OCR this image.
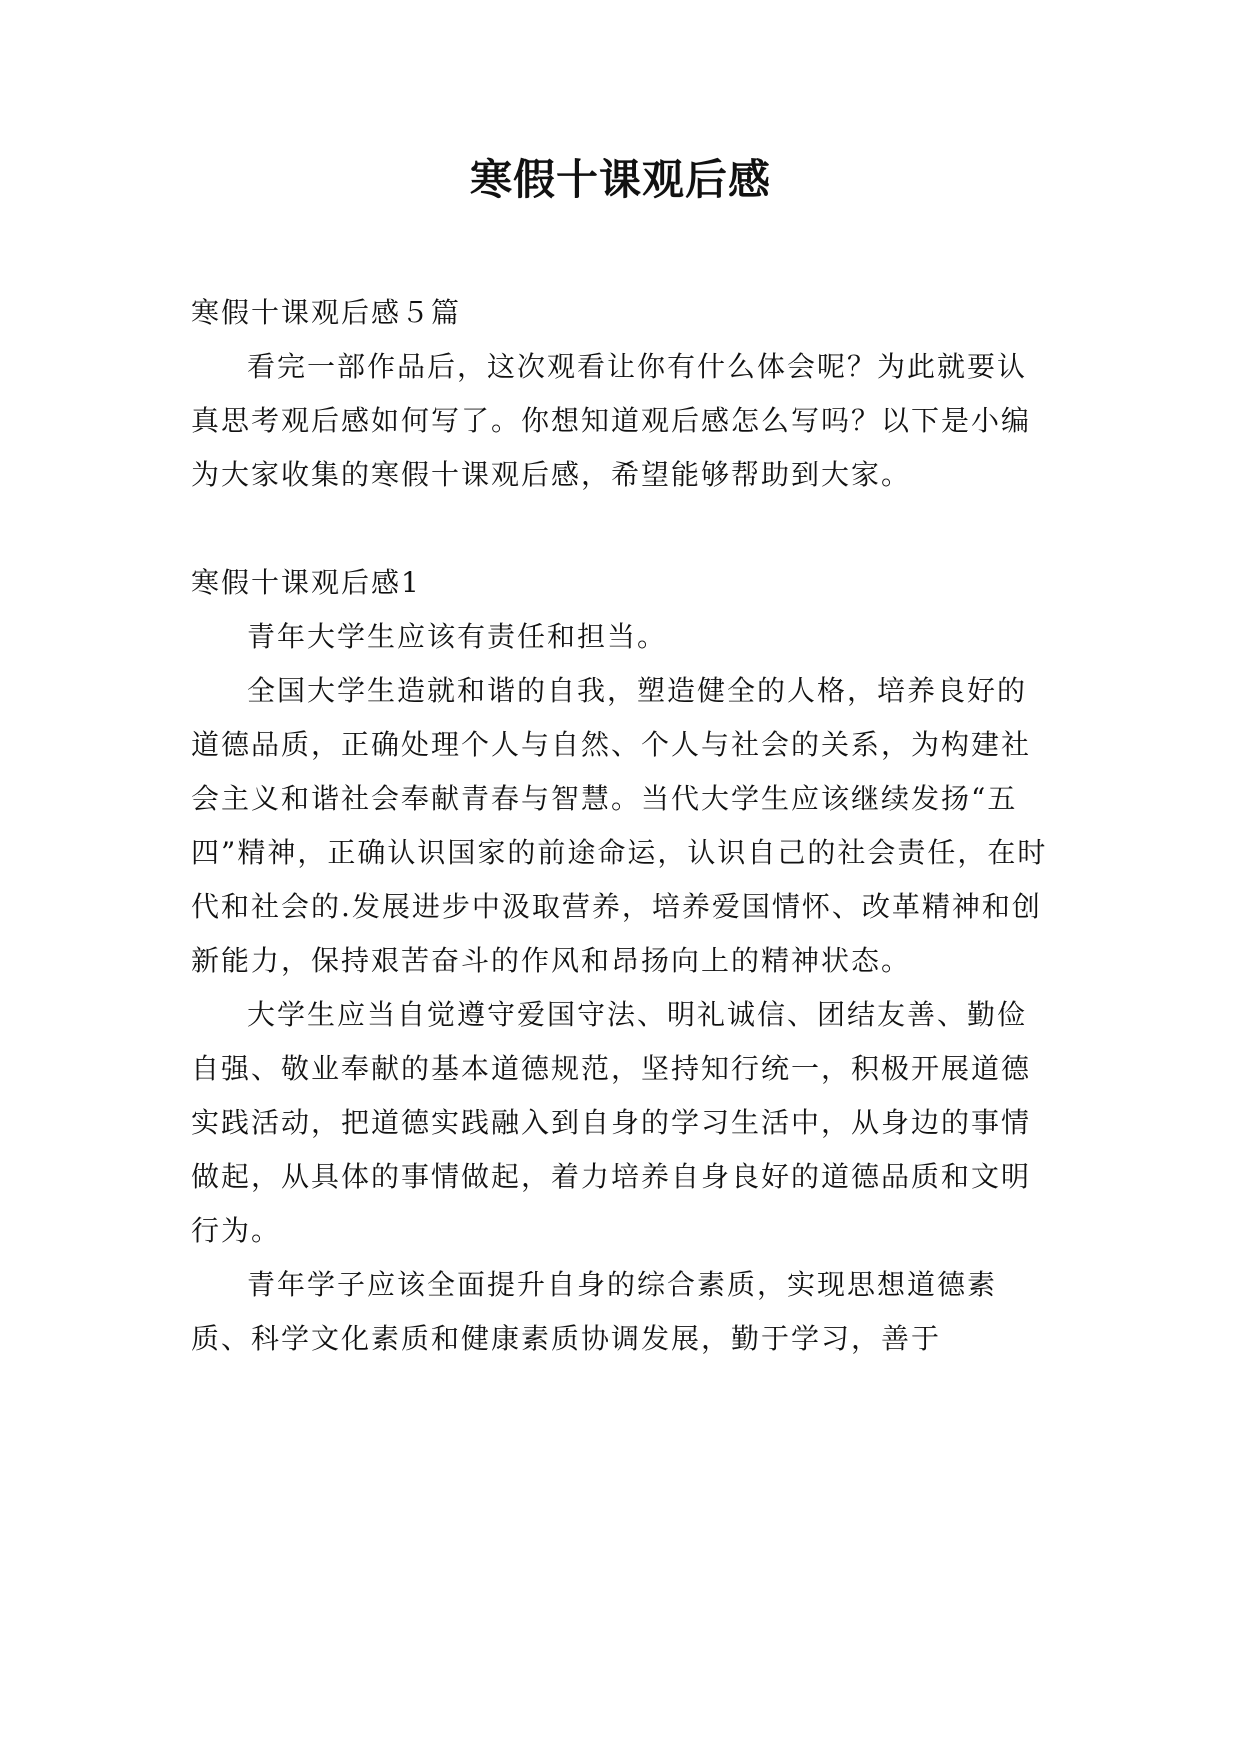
寒假十课观后感

寒假十课观后感５篇

看完一部作品后，这次观看让你有什么体会呢？为此就要认真思考观后感如何写了。你想知道观后感怎么写吗？以下是小编为大家收集的寒假十课观后感，希望能够帮助到大家。

寒假十课观后感1

青年大学生应该有责任和担当。

全国大学生造就和谐的自我，塑造健全的人格，培养良好的道德品质，正确处理个人与自然、个人与社会的关系，为构建社会主义和谐社会奉献青春与智慧。当代大学生应该继续发扬“五四”精神，正确认识国家的前途命运，认识自己的社会责任，在时代和社会的.发展进步中汲取营养，培养爱国情怀、改革精神和创新能力，保持艰苦奋斗的作风和昂扬向上的精神状态。

大学生应当自觉遵守爱国守法、明礼诚信、团结友善、勤俭自强、敬业奉献的基本道德规范，坚持知行统一，积极开展道德实践活动，把道德实践融入到自身的学习生活中，从身边的事情做起，从具体的事情做起，着力培养自身良好的道德品质和文明行为。

青年学子应该全面提升自身的综合素质，实现思想道德素质、科学文化素质和健康素质协调发展，勤于学习，善于
